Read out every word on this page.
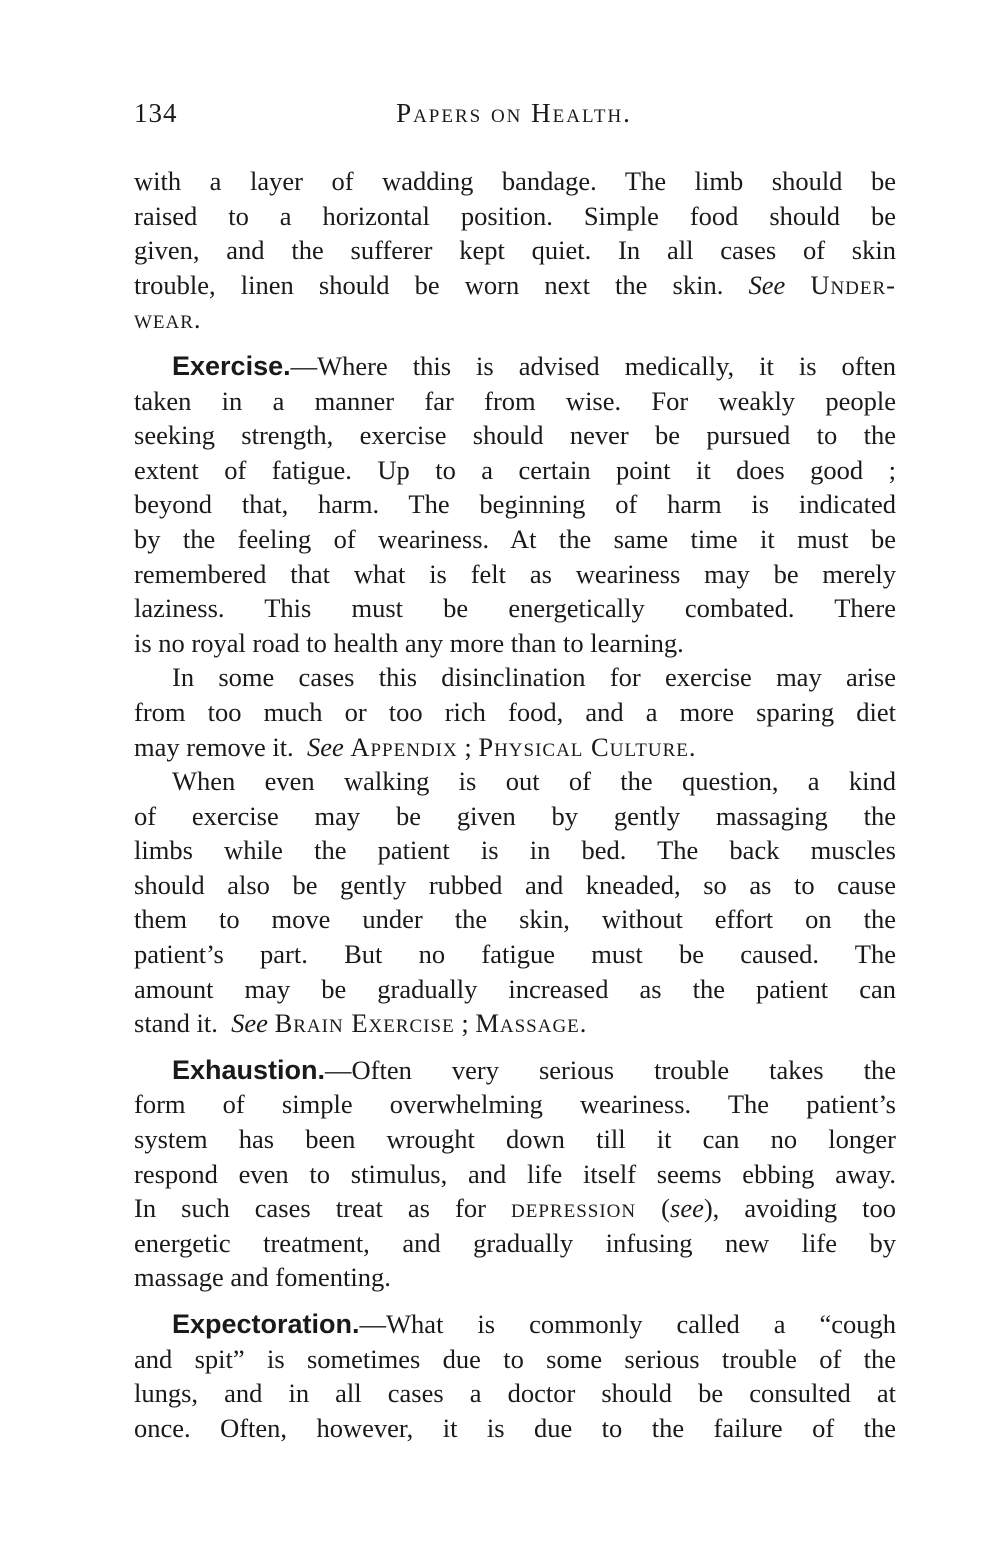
134	Papers on Health.
with a layer of wadding bandage. The limb should be
raised to a horizontal position. Simple food should be
given, and the sufferer kept quiet. In all cases of skin
trouble, linen should be worn next the skin. See Under-
wear.
Exercise.—Where this is advised medically, it is often
taken in a manner far from wise. For weakly people
seeking strength, exercise should never be pursued to the
extent of fatigue. Up to a certain point it does good ;
beyond that, harm. The beginning of harm is indicated
by the feeling of weariness. At the same time it must be
remembered that what is felt as weariness may be merely
laziness. This must be energetically combated. There
is no royal road to health any more than to learning.
In some cases this disinclination for exercise may arise
from too much or too rich food, and a more sparing diet
may remove it. See Appendix ; Physical Culture.
When even walking is out of the question, a kind
of exercise may be given by gently massaging the
limbs while the patient is in bed. The back muscles
should also be gently rubbed and kneaded, so as to cause
them to move under the skin, without effort on the
patient’s part. But no fatigue must be caused. The
amount may be gradually increased as the patient can
stand it. See Brain Exercise ; Massage.
Exhaustion.—Often very serious trouble takes the
form of simple overwhelming weariness. The patient’s
system has been wrought down till it can no longer
respond even to stimulus, and life itself seems ebbing away.
In such cases treat as for depression (see), avoiding too
energetic treatment, and gradually infusing new life by
massage and fomenting.
Expectoration.—What is commonly called a “cough
and spit” is sometimes due to some serious trouble of the
lungs, and in all cases a doctor should be consulted at
once. Often, however, it is due to the failure of the
